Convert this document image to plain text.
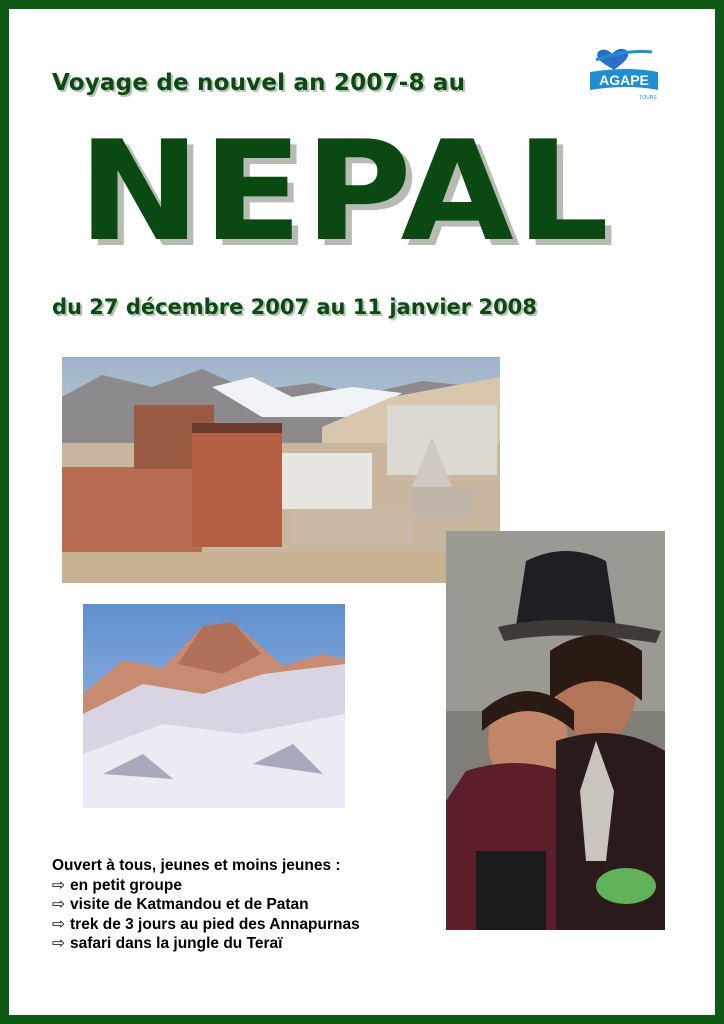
Voyage de nouvel an 2007-8 au
NEPAL
du 27 décembre 2007 au 11 janvier 2008
AGAPE
TOURS
Ouvert à tous, jeunes et moins jeunes :
⇨ en petit groupe
⇨ visite de Katmandou et de Patan
⇨ trek de 3 jours au pied des Annapurnas
⇨ safari dans la jungle du Teraï
